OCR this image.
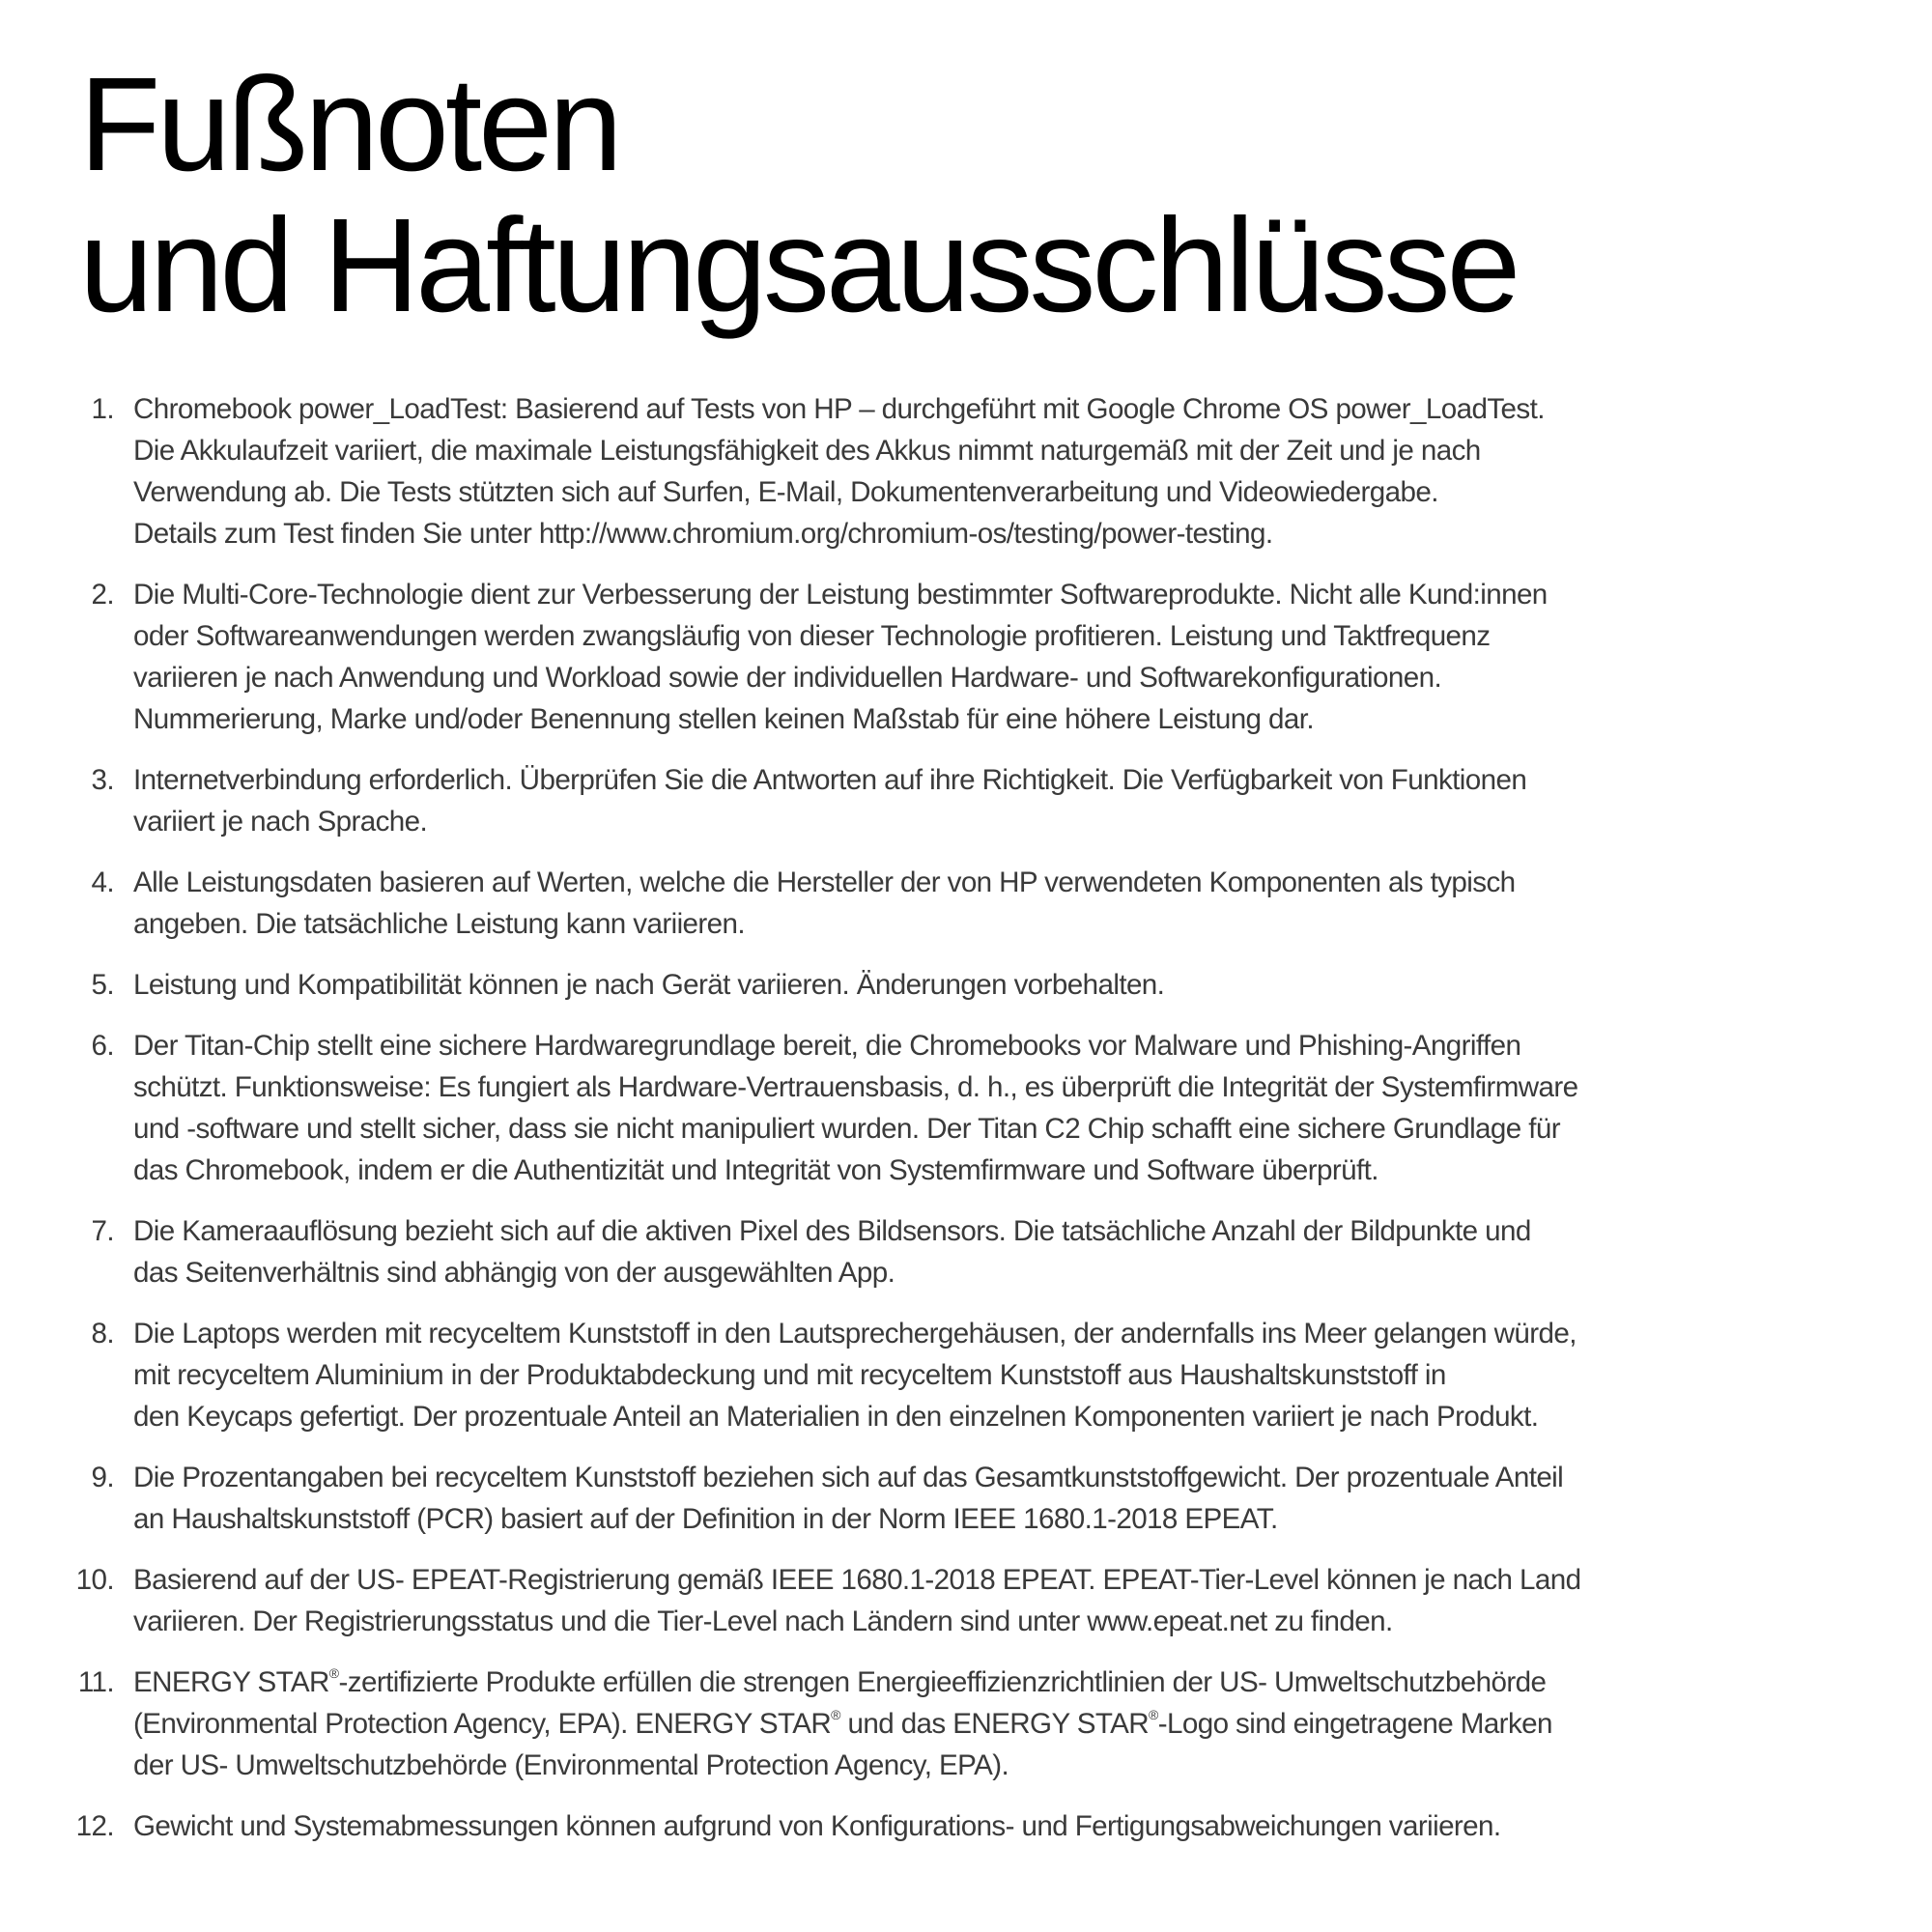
Fußnoten
und Haftungsausschlüsse
1. Chromebook power_LoadTest: Basierend auf Tests von HP – durchgeführt mit Google Chrome OS power_LoadTest.
Die Akkulaufzeit variiert, die maximale Leistungsfähigkeit des Akkus nimmt naturgemäß mit der Zeit und je nach
Verwendung ab. Die Tests stützten sich auf Surfen, E-Mail, Dokumentenverarbeitung und Videowiedergabe.
Details zum Test finden Sie unter http://www.chromium.org/chromium-os/testing/power-testing.
2. Die Multi-Core-Technologie dient zur Verbesserung der Leistung bestimmter Softwareprodukte. Nicht alle Kund:innen
oder Softwareanwendungen werden zwangsläufig von dieser Technologie profitieren. Leistung und Taktfrequenz
variieren je nach Anwendung und Workload sowie der individuellen Hardware- und Softwarekonfigurationen.
Nummerierung, Marke und/oder Benennung stellen keinen Maßstab für eine höhere Leistung dar.
3. Internetverbindung erforderlich. Überprüfen Sie die Antworten auf ihre Richtigkeit. Die Verfügbarkeit von Funktionen
variiert je nach Sprache.
4. Alle Leistungsdaten basieren auf Werten, welche die Hersteller der von HP verwendeten Komponenten als typisch
angeben. Die tatsächliche Leistung kann variieren.
5. Leistung und Kompatibilität können je nach Gerät variieren. Änderungen vorbehalten.
6. Der Titan-Chip stellt eine sichere Hardwaregrundlage bereit, die Chromebooks vor Malware und Phishing-Angriffen
schützt. Funktionsweise: Es fungiert als Hardware-Vertrauensbasis, d. h., es überprüft die Integrität der Systemfirmware
und -software und stellt sicher, dass sie nicht manipuliert wurden. Der Titan C2 Chip schafft eine sichere Grundlage für
das Chromebook, indem er die Authentizität und Integrität von Systemfirmware und Software überprüft.
7. Die Kameraauflösung bezieht sich auf die aktiven Pixel des Bildsensors. Die tatsächliche Anzahl der Bildpunkte und
das Seitenverhältnis sind abhängig von der ausgewählten App.
8. Die Laptops werden mit recyceltem Kunststoff in den Lautsprechergehäusen, der andernfalls ins Meer gelangen würde,
mit recyceltem Aluminium in der Produktabdeckung und mit recyceltem Kunststoff aus Haushaltskunststoff in
den Keycaps gefertigt. Der prozentuale Anteil an Materialien in den einzelnen Komponenten variiert je nach Produkt.
9. Die Prozentangaben bei recyceltem Kunststoff beziehen sich auf das Gesamtkunststoffgewicht. Der prozentuale Anteil
an Haushaltskunststoff (PCR) basiert auf der Definition in der Norm IEEE 1680.1-2018 EPEAT.
10. Basierend auf der US- EPEAT-Registrierung gemäß IEEE 1680.1-2018 EPEAT. EPEAT-Tier-Level können je nach Land
variieren. Der Registrierungsstatus und die Tier-Level nach Ländern sind unter www.epeat.net zu finden.
11. ENERGY STAR®-zertifizierte Produkte erfüllen die strengen Energieeffizienzrichtlinien der US- Umweltschutzbehörde
(Environmental Protection Agency, EPA). ENERGY STAR® und das ENERGY STAR®-Logo sind eingetragene Marken
der US- Umweltschutzbehörde (Environmental Protection Agency, EPA).
12. Gewicht und Systemabmessungen können aufgrund von Konfigurations- und Fertigungsabweichungen variieren.
